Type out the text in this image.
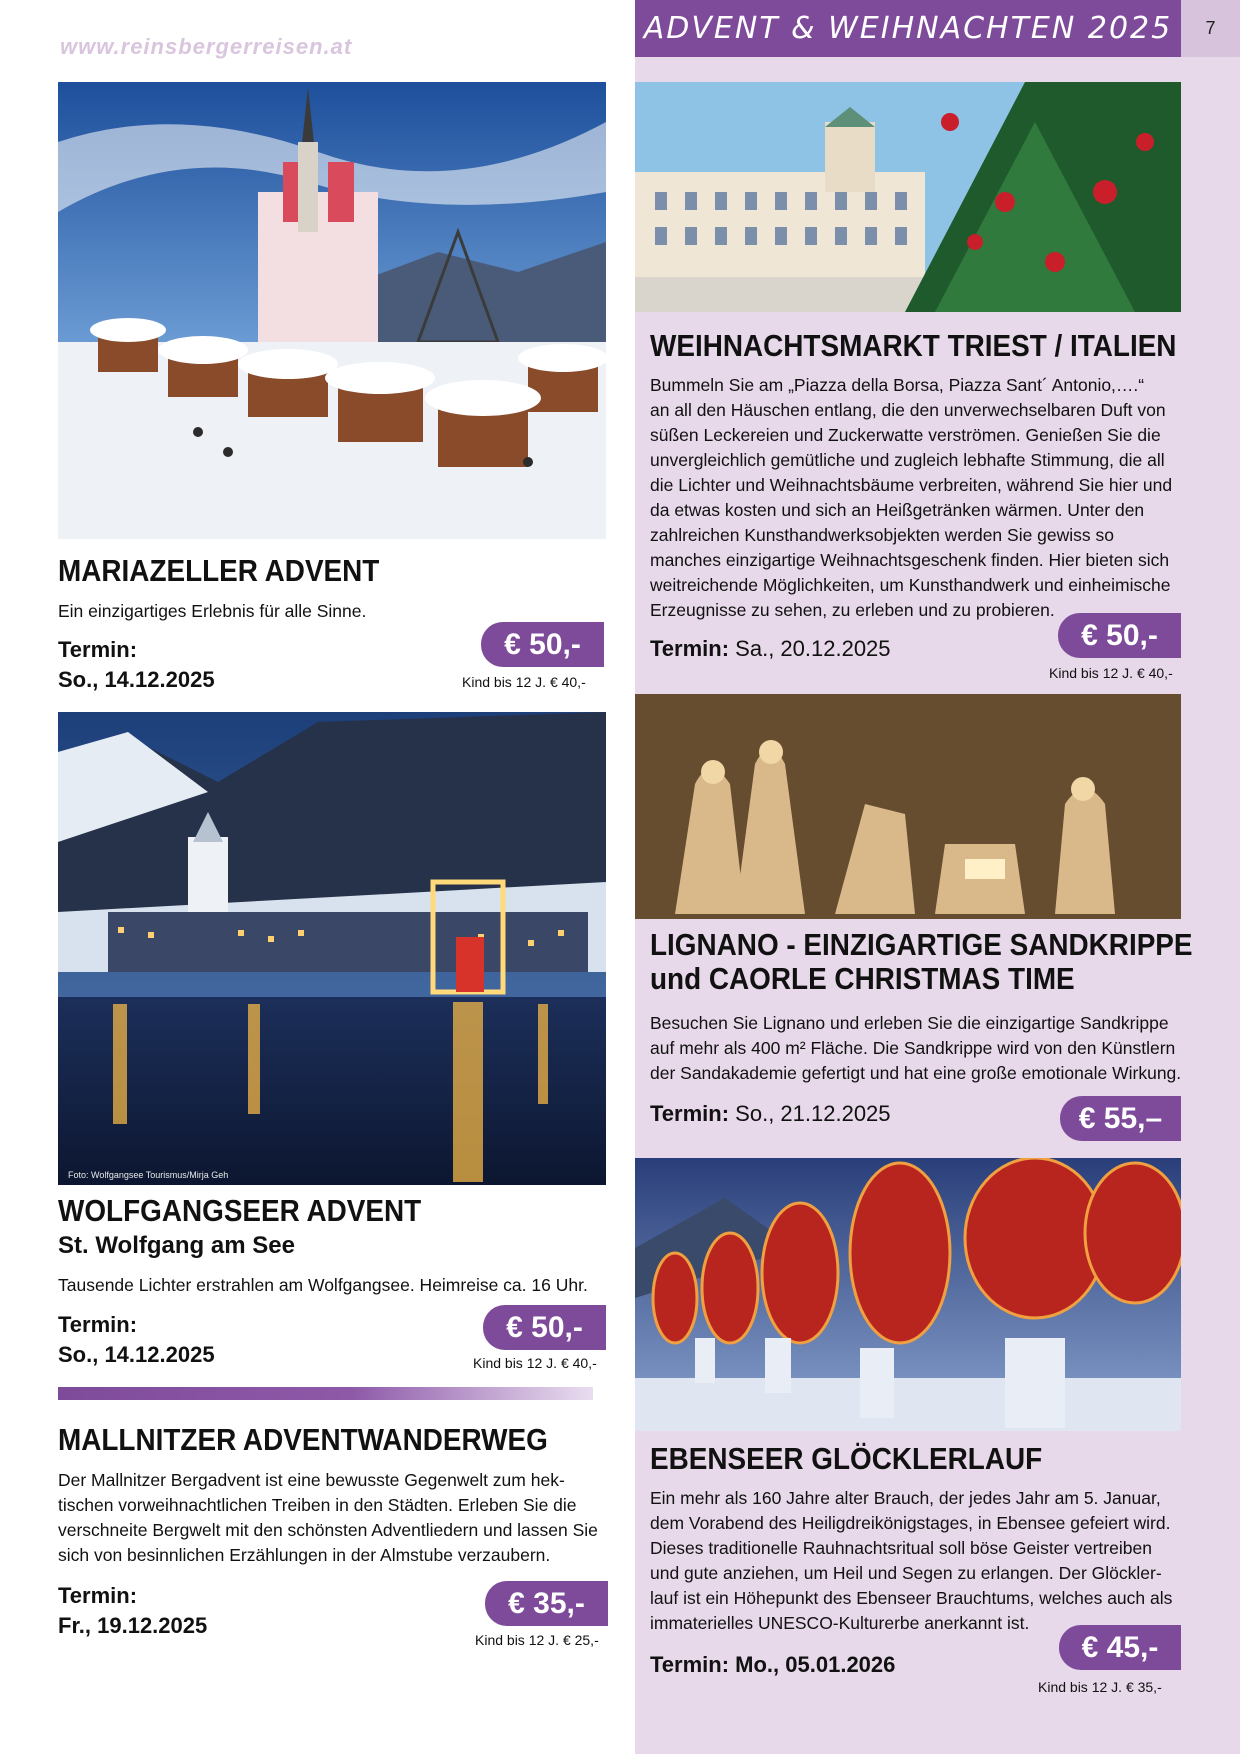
ADVENT & WEIHNACHTEN 2025	7
www.reinsbergerreisen.at
MARIAZELLER ADVENT
Ein einzigartiges Erlebnis für alle Sinne.
Termin:
So., 14.12.2025
€ 50,-
Kind bis 12 J. € 40,-
Foto: Wolfgangsee Tourismus/Mirja Geh
WOLFGANGSEER ADVENT
St. Wolfgang am See
Tausende Lichter erstrahlen am Wolfgangsee. Heimreise ca. 16 Uhr.
Termin:
So., 14.12.2025
€ 50,-
Kind bis 12 J. € 40,-
MALLNITZER ADVENTWANDERWEG
Der Mallnitzer Bergadvent ist eine bewusste Gegenwelt zum hek-
tischen vorweihnachtlichen Treiben in den Städten. Erleben Sie die
verschneite Bergwelt mit den schönsten Adventliedern und lassen Sie
sich von besinnlichen Erzählungen in der Almstube verzaubern.
Termin:
Fr., 19.12.2025
€ 35,-
Kind bis 12 J. € 25,-
WEIHNACHTSMARKT TRIEST / ITALIEN
Bummeln Sie am „Piazza della Borsa, Piazza Sant´ Antonio,….“
an all den Häuschen entlang, die den unverwechselbaren Duft von
süßen Leckereien und Zuckerwatte verströmen. Genießen Sie die
unvergleichlich gemütliche und zugleich lebhafte Stimmung, die all
die Lichter und Weihnachtsbäume verbreiten, während Sie hier und
da etwas kosten und sich an Heißgetränken wärmen. Unter den
zahlreichen Kunsthandwerksobjekten werden Sie gewiss so
manches einzigartige Weihnachtsgeschenk finden. Hier bieten sich
weitreichende Möglichkeiten, um Kunsthandwerk und einheimische
Erzeugnisse zu sehen, zu erleben und zu probieren.
Termin: Sa., 20.12.2025	€ 50,-
Kind bis 12 J. € 40,-
LIGNANO - EINZIGARTIGE SANDKRIPPE
und CAORLE CHRISTMAS TIME
Besuchen Sie Lignano und erleben Sie die einzigartige Sandkrippe
auf mehr als 400 m² Fläche. Die Sandkrippe wird von den Künstlern
der Sandakademie gefertigt und hat eine große emotionale Wirkung.
Termin: So., 21.12.2025	€ 55,–
EBENSEER GLÖCKLERLAUF
Ein mehr als 160 Jahre alter Brauch, der jedes Jahr am 5. Januar,
dem Vorabend des Heiligdreikönigstages, in Ebensee gefeiert wird.
Dieses traditionelle Rauhnachtsritual soll böse Geister vertreiben
und gute anziehen, um Heil und Segen zu erlangen. Der Glöckler-
lauf ist ein Höhepunkt des Ebenseer Brauchtums, welches auch als
immaterielles UNESCO-Kulturerbe anerkannt ist.
Termin: Mo., 05.01.2026
€ 45,-
Kind bis 12 J. € 35,-
